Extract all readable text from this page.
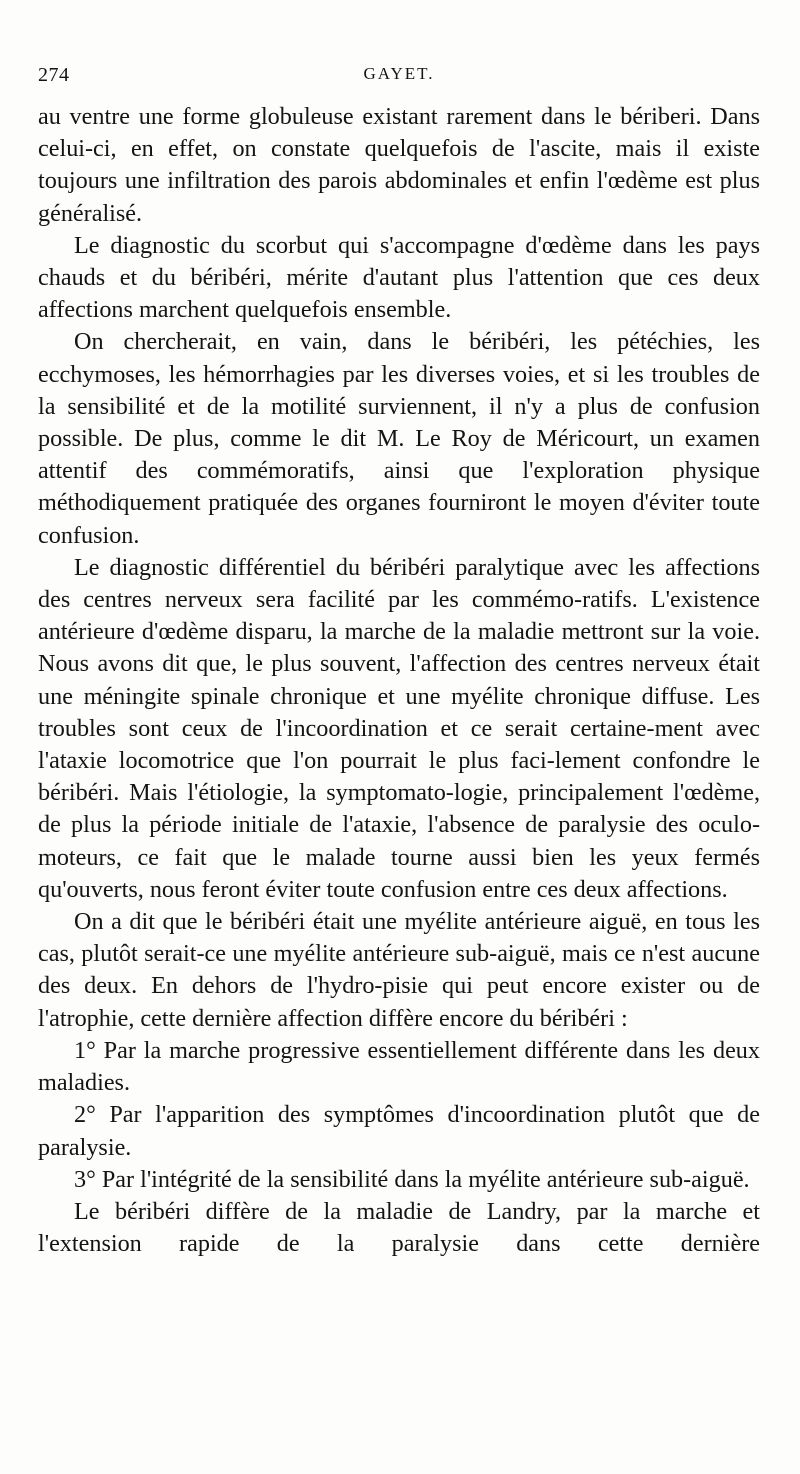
274	GAYET.

au ventre une forme globuleuse existant rarement dans le bériberi. Dans celui-ci, en effet, on constate quelquefois de l'ascite, mais il existe toujours une infiltration des parois abdominales et enfin l'œdème est plus généralisé.

Le diagnostic du scorbut qui s'accompagne d'œdème dans les pays chauds et du béribéri, mérite d'autant plus l'attention que ces deux affections marchent quelquefois ensemble.

On chercherait, en vain, dans le béribéri, les pétéchies, les ecchymoses, les hémorrhagies par les diverses voies, et si les troubles de la sensibilité et de la motilité surviennent, il n'y a plus de confusion possible. De plus, comme le dit M. Le Roy de Méricourt, un examen attentif des commémoratifs, ainsi que l'exploration physique méthodiquement pratiquée des organes fourniront le moyen d'éviter toute confusion.

Le diagnostic différentiel du béribéri paralytique avec les affections des centres nerveux sera facilité par les commémo-ratifs. L'existence antérieure d'œdème disparu, la marche de la maladie mettront sur la voie. Nous avons dit que, le plus souvent, l'affection des centres nerveux était une méningite spinale chronique et une myélite chronique diffuse. Les troubles sont ceux de l'incoordination et ce serait certaine-ment avec l'ataxie locomotrice que l'on pourrait le plus faci-lement confondre le béribéri. Mais l'étiologie, la symptomato-logie, principalement l'œdème, de plus la période initiale de l'ataxie, l'absence de paralysie des oculo-moteurs, ce fait que le malade tourne aussi bien les yeux fermés qu'ouverts, nous feront éviter toute confusion entre ces deux affections.

On a dit que le béribéri était une myélite antérieure aiguë, en tous les cas, plutôt serait-ce une myélite antérieure sub-aiguë, mais ce n'est aucune des deux. En dehors de l'hydro-pisie qui peut encore exister ou de l'atrophie, cette dernière affection diffère encore du béribéri :

1° Par la marche progressive essentiellement différente dans les deux maladies.

2° Par l'apparition des symptômes d'incoordination plutôt que de paralysie.

3° Par l'intégrité de la sensibilité dans la myélite antérieure sub-aiguë.

Le béribéri diffère de la maladie de Landry, par la marche et l'extension rapide de la paralysie dans cette dernière
